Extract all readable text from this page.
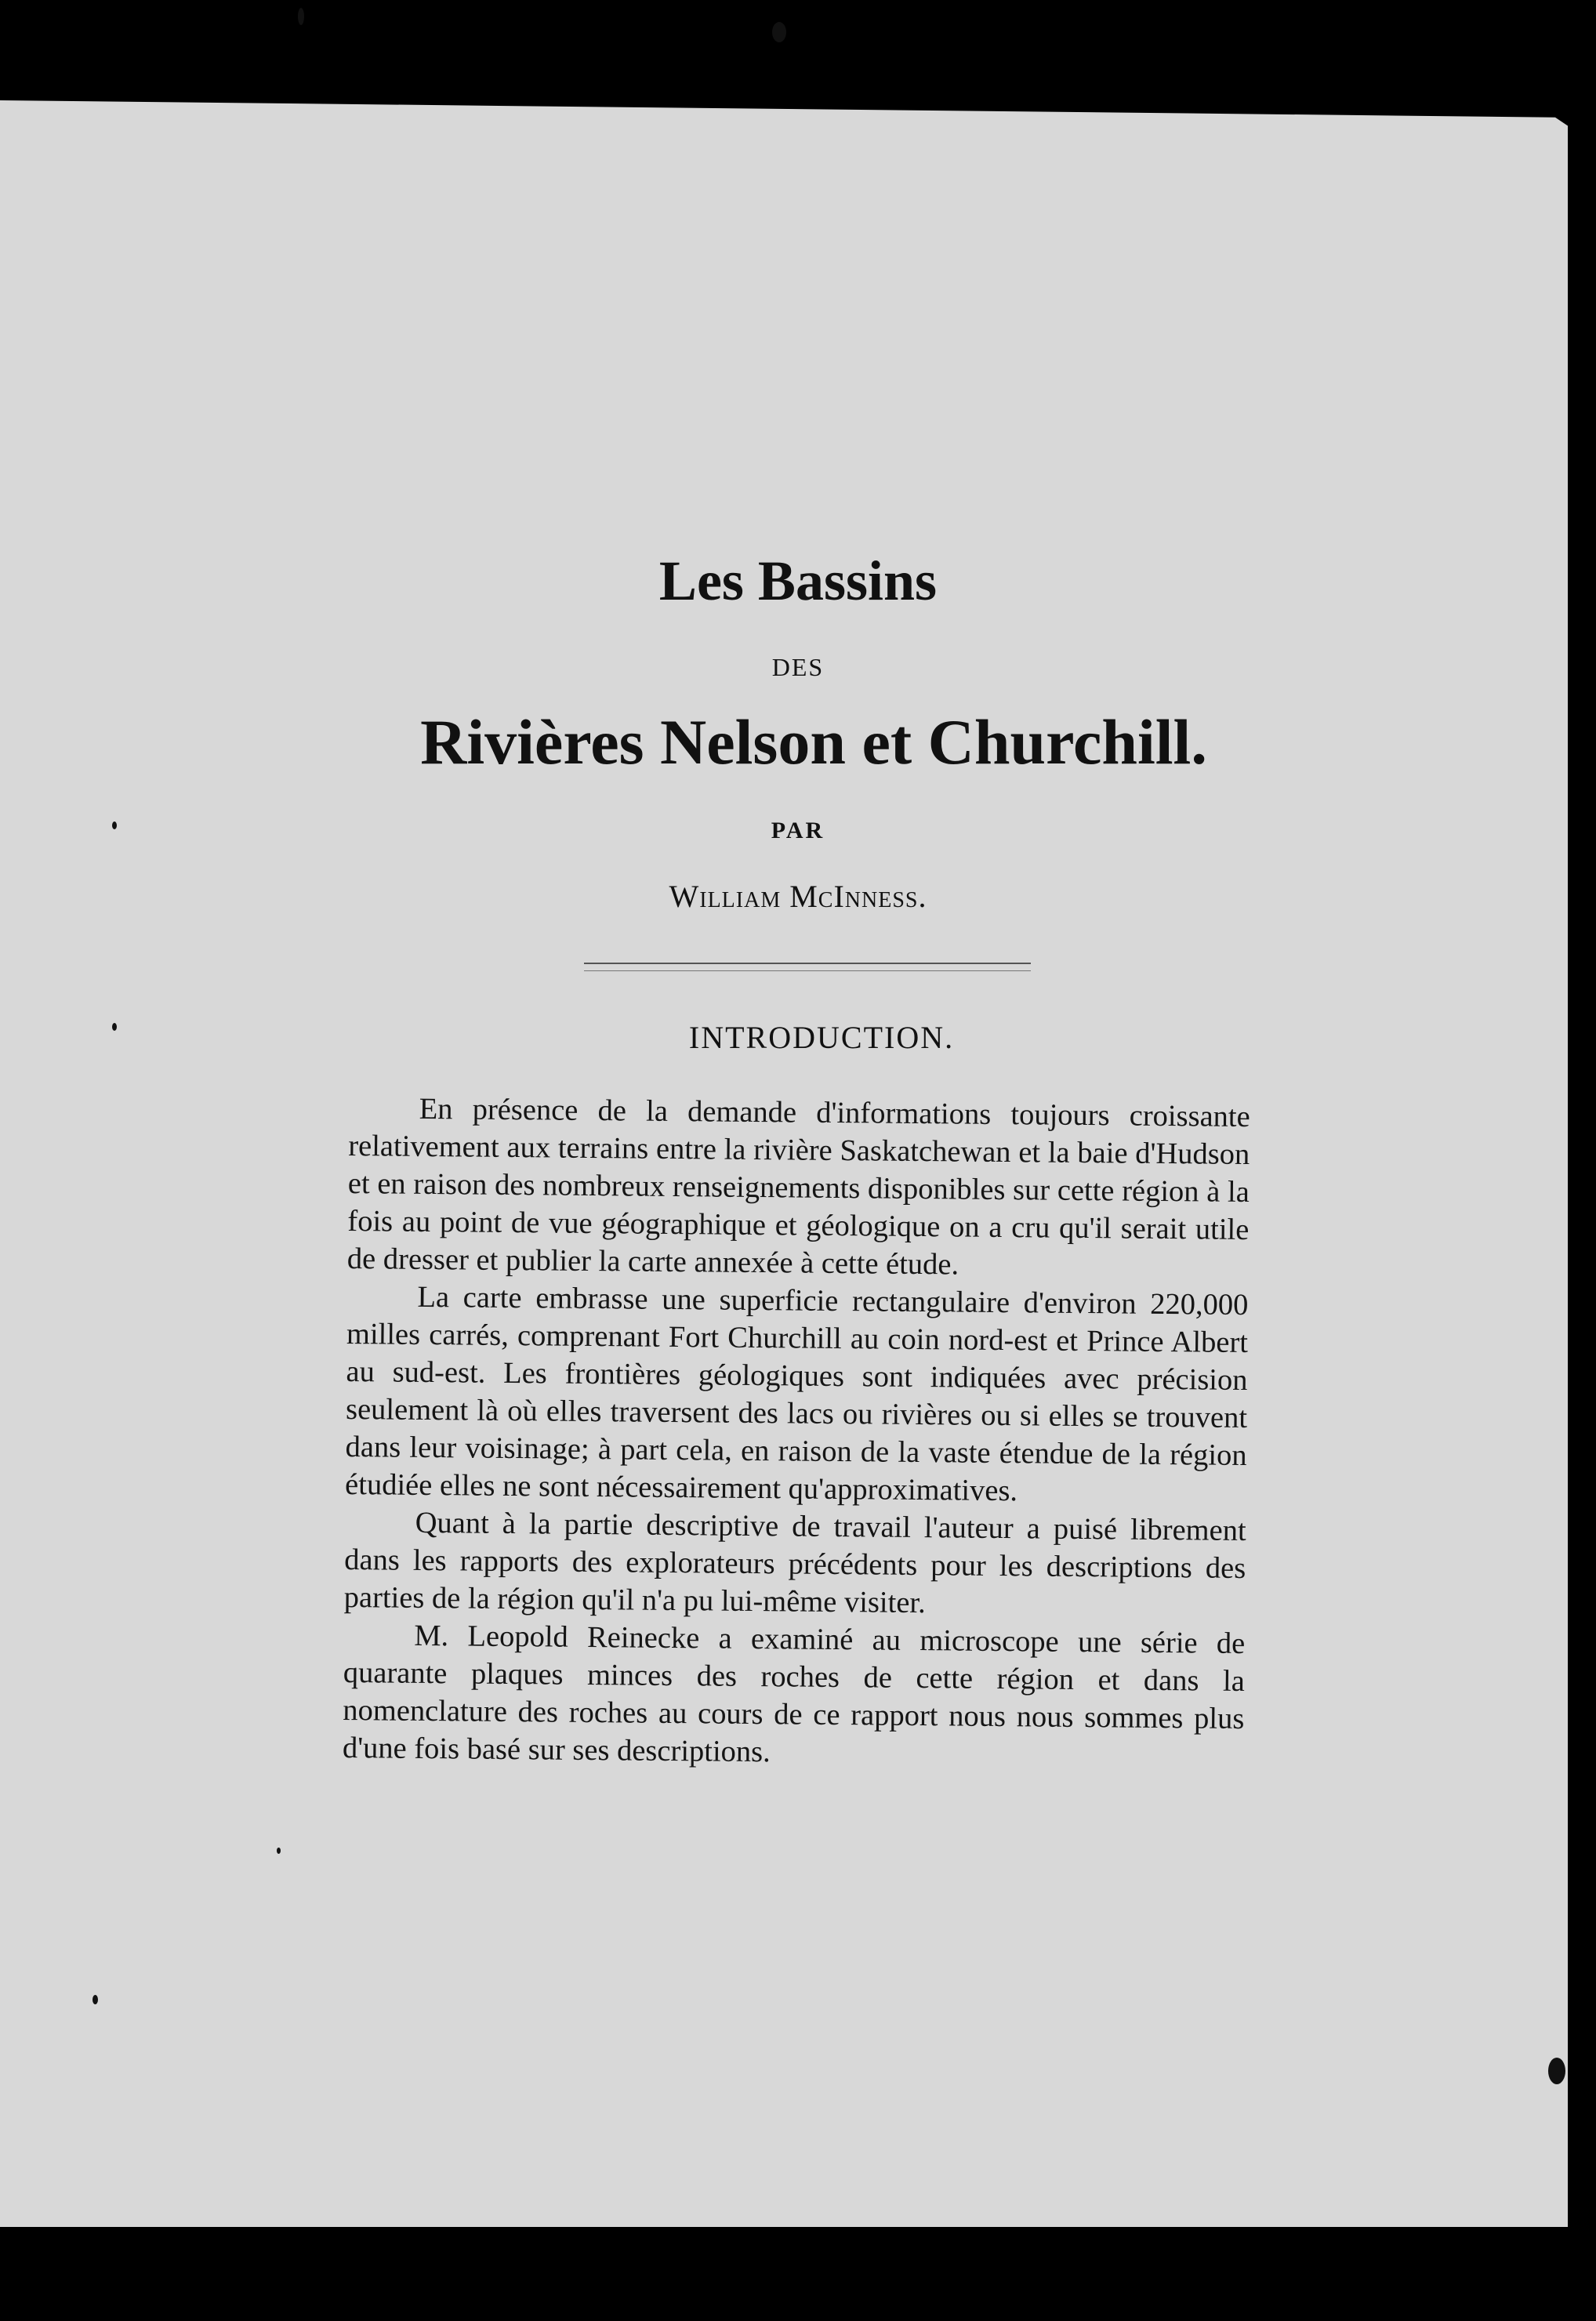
Les Bassins
DES
Rivières Nelson et Churchill.
PAR
William McInness.
INTRODUCTION.

En présence de la demande d'informations toujours croissante relativement aux terrains entre la rivière Saskatchewan et la baie d'Hudson et en raison des nombreux renseignements disponibles sur cette région à la fois au point de vue géographique et géologique on a cru qu'il serait utile de dresser et publier la carte annexée à cette étude.

La carte embrasse une superficie rectangulaire d'environ 220,000 milles carrés, comprenant Fort Churchill au coin nord-est et Prince Albert au sud-est. Les frontières géologiques sont indiquées avec précision seulement là où elles traversent des lacs ou rivières ou si elles se trouvent dans leur voisinage; à part cela, en raison de la vaste étendue de la région étudiée elles ne sont nécessairement qu'approximatives.

Quant à la partie descriptive de travail l'auteur a puisé librement dans les rapports des explorateurs précédents pour les descriptions des parties de la région qu'il n'a pu lui-même visiter.

M. Leopold Reinecke a examiné au microscope une série de quarante plaques minces des roches de cette région et dans la nomenclature des roches au cours de ce rapport nous nous sommes plus d'une fois basé sur ses descriptions.
